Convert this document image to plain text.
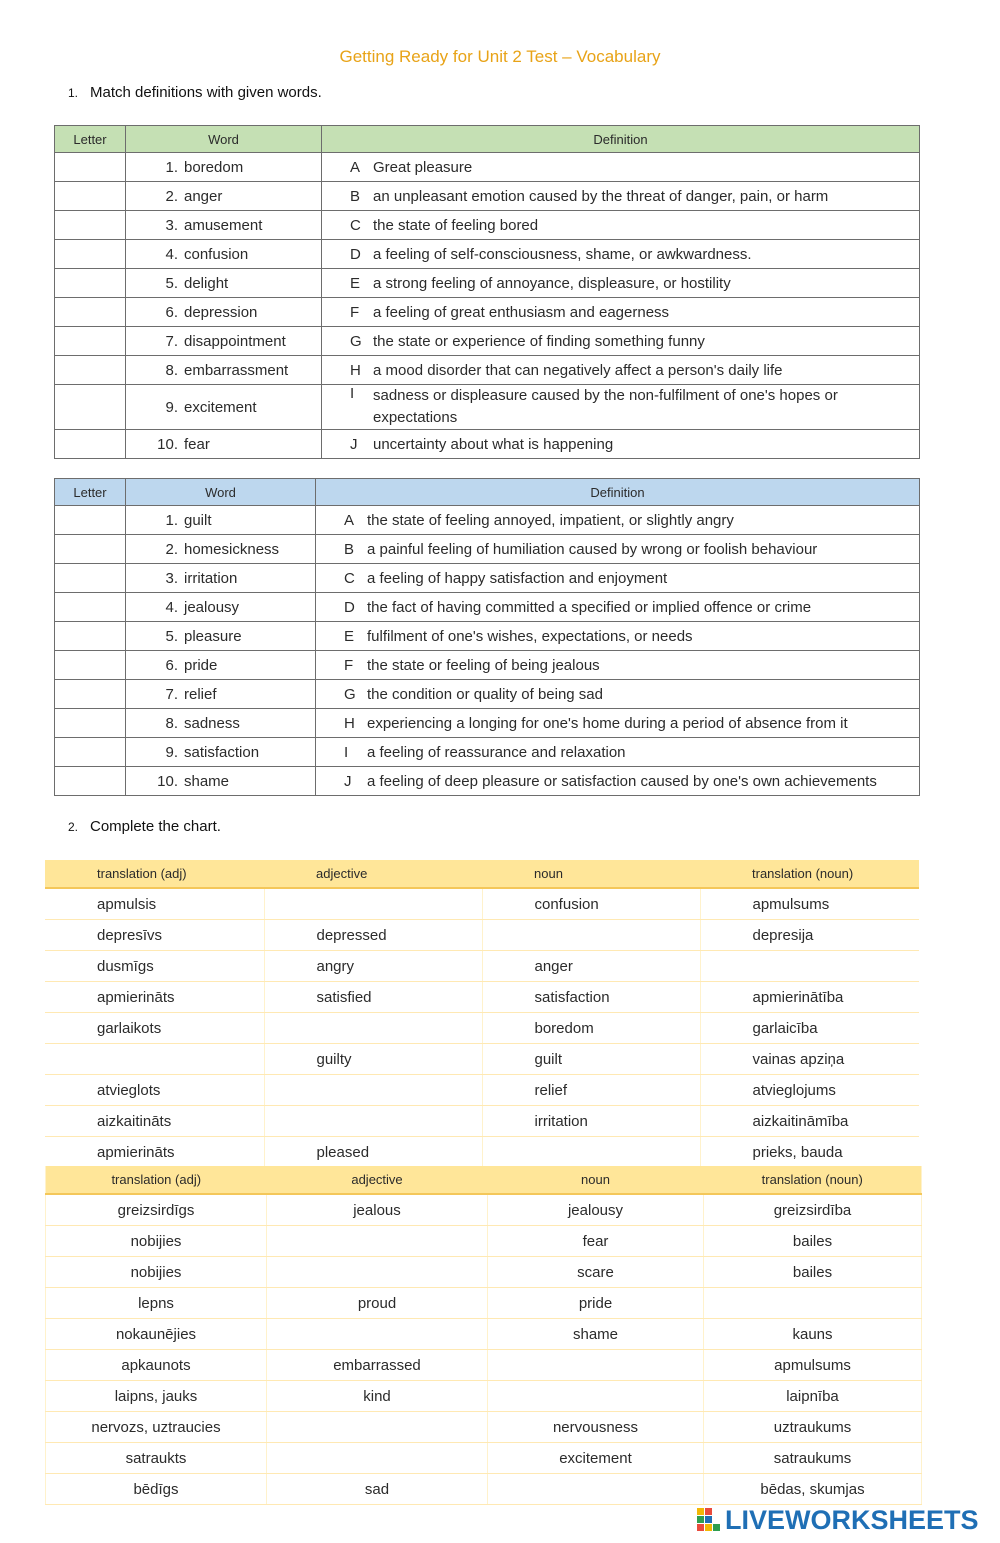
Getting Ready for Unit 2 Test – Vocabulary
1. Match definitions with given words.
Letter	Word	Definition
	1. boredom	A Great pleasure
	2. anger	B an unpleasant emotion caused by the threat of danger, pain, or harm
	3. amusement	C the state of feeling bored
	4. confusion	D a feeling of self-consciousness, shame, or awkwardness.
	5. delight	E a strong feeling of annoyance, displeasure, or hostility
	6. depression	F a feeling of great enthusiasm and eagerness
	7. disappointment	G the state or experience of finding something funny
	8. embarrassment	H a mood disorder that can negatively affect a person's daily life
	9. excitement	I sadness or displeasure caused by the non-fulfilment of one's hopes or expectations
	10. fear	J uncertainty about what is happening
Letter	Word	Definition
	1. guilt	A the state of feeling annoyed, impatient, or slightly angry
	2. homesickness	B a painful feeling of humiliation caused by wrong or foolish behaviour
	3. irritation	C a feeling of happy satisfaction and enjoyment
	4. jealousy	D the fact of having committed a specified or implied offence or crime
	5. pleasure	E fulfilment of one's wishes, expectations, or needs
	6. pride	F the state or feeling of being jealous
	7. relief	G the condition or quality of being sad
	8. sadness	H experiencing a longing for one's home during a period of absence from it
	9. satisfaction	I a feeling of reassurance and relaxation
	10. shame	J a feeling of deep pleasure or satisfaction caused by one's own achievements
2. Complete the chart.
translation (adj)	adjective	noun	translation (noun)
apmulsis		confusion	apmulsums
depresīvs	depressed		depresija
dusmīgs	angry	anger	
apmierināts	satisfied	satisfaction	apmierinātība
garlaikots		boredom	garlaicība
	guilty	guilt	vainas apziņa
atvieglots		relief	atvieglojums
aizkaitināts		irritation	aizkaitināmība
apmierināts	pleased		prieks, bauda
translation (adj)	adjective	noun	translation (noun)
greizsirdīgs	jealous	jealousy	greizsirdība
nobijies		fear	bailes
nobijies		scare	bailes
lepns	proud	pride	
nokaunējies		shame	kauns
apkaunots	embarrassed		apmulsums
laipns, jauks	kind		laipnība
nervozs, uztraucies		nervousness	uztraukums
satraukts		excitement	satraukums
bēdīgs	sad		bēdas, skumjas
LIVEWORKSHEETS
